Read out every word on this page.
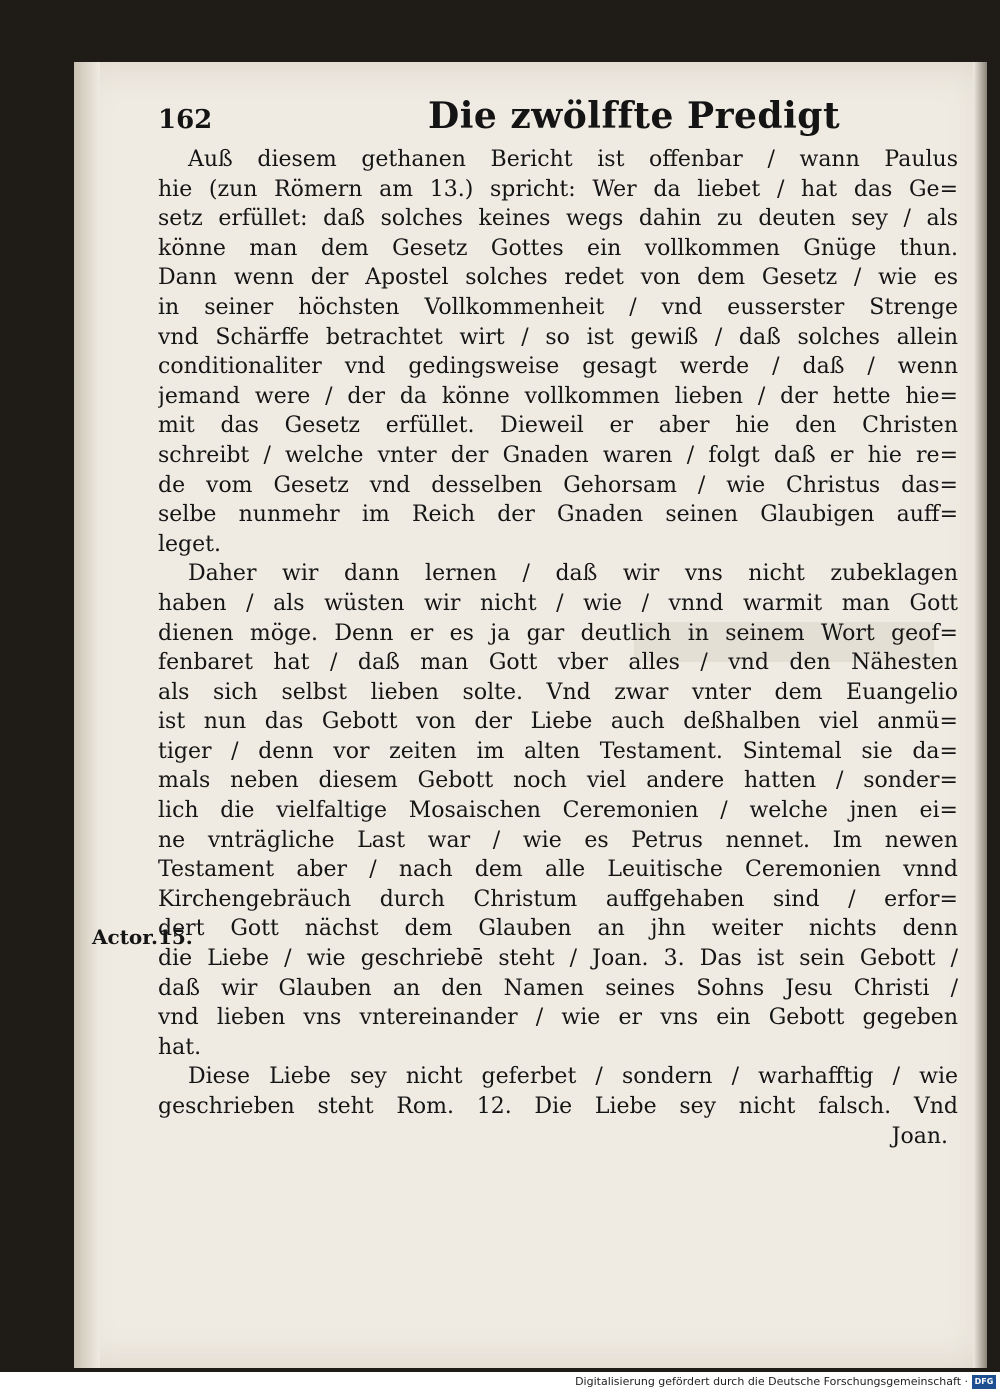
162	Die zwölffte Predigt
Auß diesem gethanen Bericht ist offenbar / wann Paulus
hie (zun Römern am 13.) spricht: Wer da liebet / hat das Ge=
setz erfüllet: daß solches keines wegs dahin zu deuten sey / als
könne man dem Gesetz Gottes ein vollkommen Gnüge thun.
Dann wenn der Apostel solches redet von dem Gesetz / wie es
in seiner höchsten Vollkommenheit / vnd eusserster Strenge
vnd Schärffe betrachtet wirt / so ist gewiß / daß solches allein
conditionaliter vnd gedingsweise gesagt werde / daß / wenn
jemand were / der da könne vollkommen lieben / der hette hie=
mit das Gesetz erfüllet. Dieweil er aber hie den Christen
schreibt / welche vnter der Gnaden waren / folgt daß er hie re=
de vom Gesetz vnd desselben Gehorsam / wie Christus das=
selbe nunmehr im Reich der Gnaden seinen Glaubigen auff=
leget.
Daher wir dann lernen / daß wir vns nicht zubeklagen
haben / als wüsten wir nicht / wie / vnnd warmit man Gott
dienen möge. Denn er es ja gar deutlich in seinem Wort geof=
fenbaret hat / daß man Gott vber alles / vnd den Nähesten
als sich selbst lieben solte. Vnd zwar vnter dem Euangelio
ist nun das Gebott von der Liebe auch deßhalben viel anmü=
tiger / denn vor zeiten im alten Testament. Sintemal sie da=
mals neben diesem Gebott noch viel andere hatten / sonder=
lich die vielfaltige Mosaischen Ceremonien / welche jnen ei=
ne vnträgliche Last war / wie es Petrus nennet. Im newen
Testament aber / nach dem alle Leuitische Ceremonien vnnd
Kirchengebräuch durch Christum auffgehaben sind / erfor=
dert Gott nächst dem Glauben an jhn weiter nichts denn
die Liebe / wie geschriebē steht / Joan. 3. Das ist sein Gebott /
daß wir Glauben an den Namen seines Sohns Jesu Christi /
vnd lieben vns vntereinander / wie er vns ein Gebott gegeben
hat.
Diese Liebe sey nicht geferbet / sondern / warhafftig / wie
geschrieben steht Rom. 12. Die Liebe sey nicht falsch. Vnd
Joan.
Actor.15.
Digitalisierung gefördert durch die Deutsche Forschungsgemeinschaft · DFG
